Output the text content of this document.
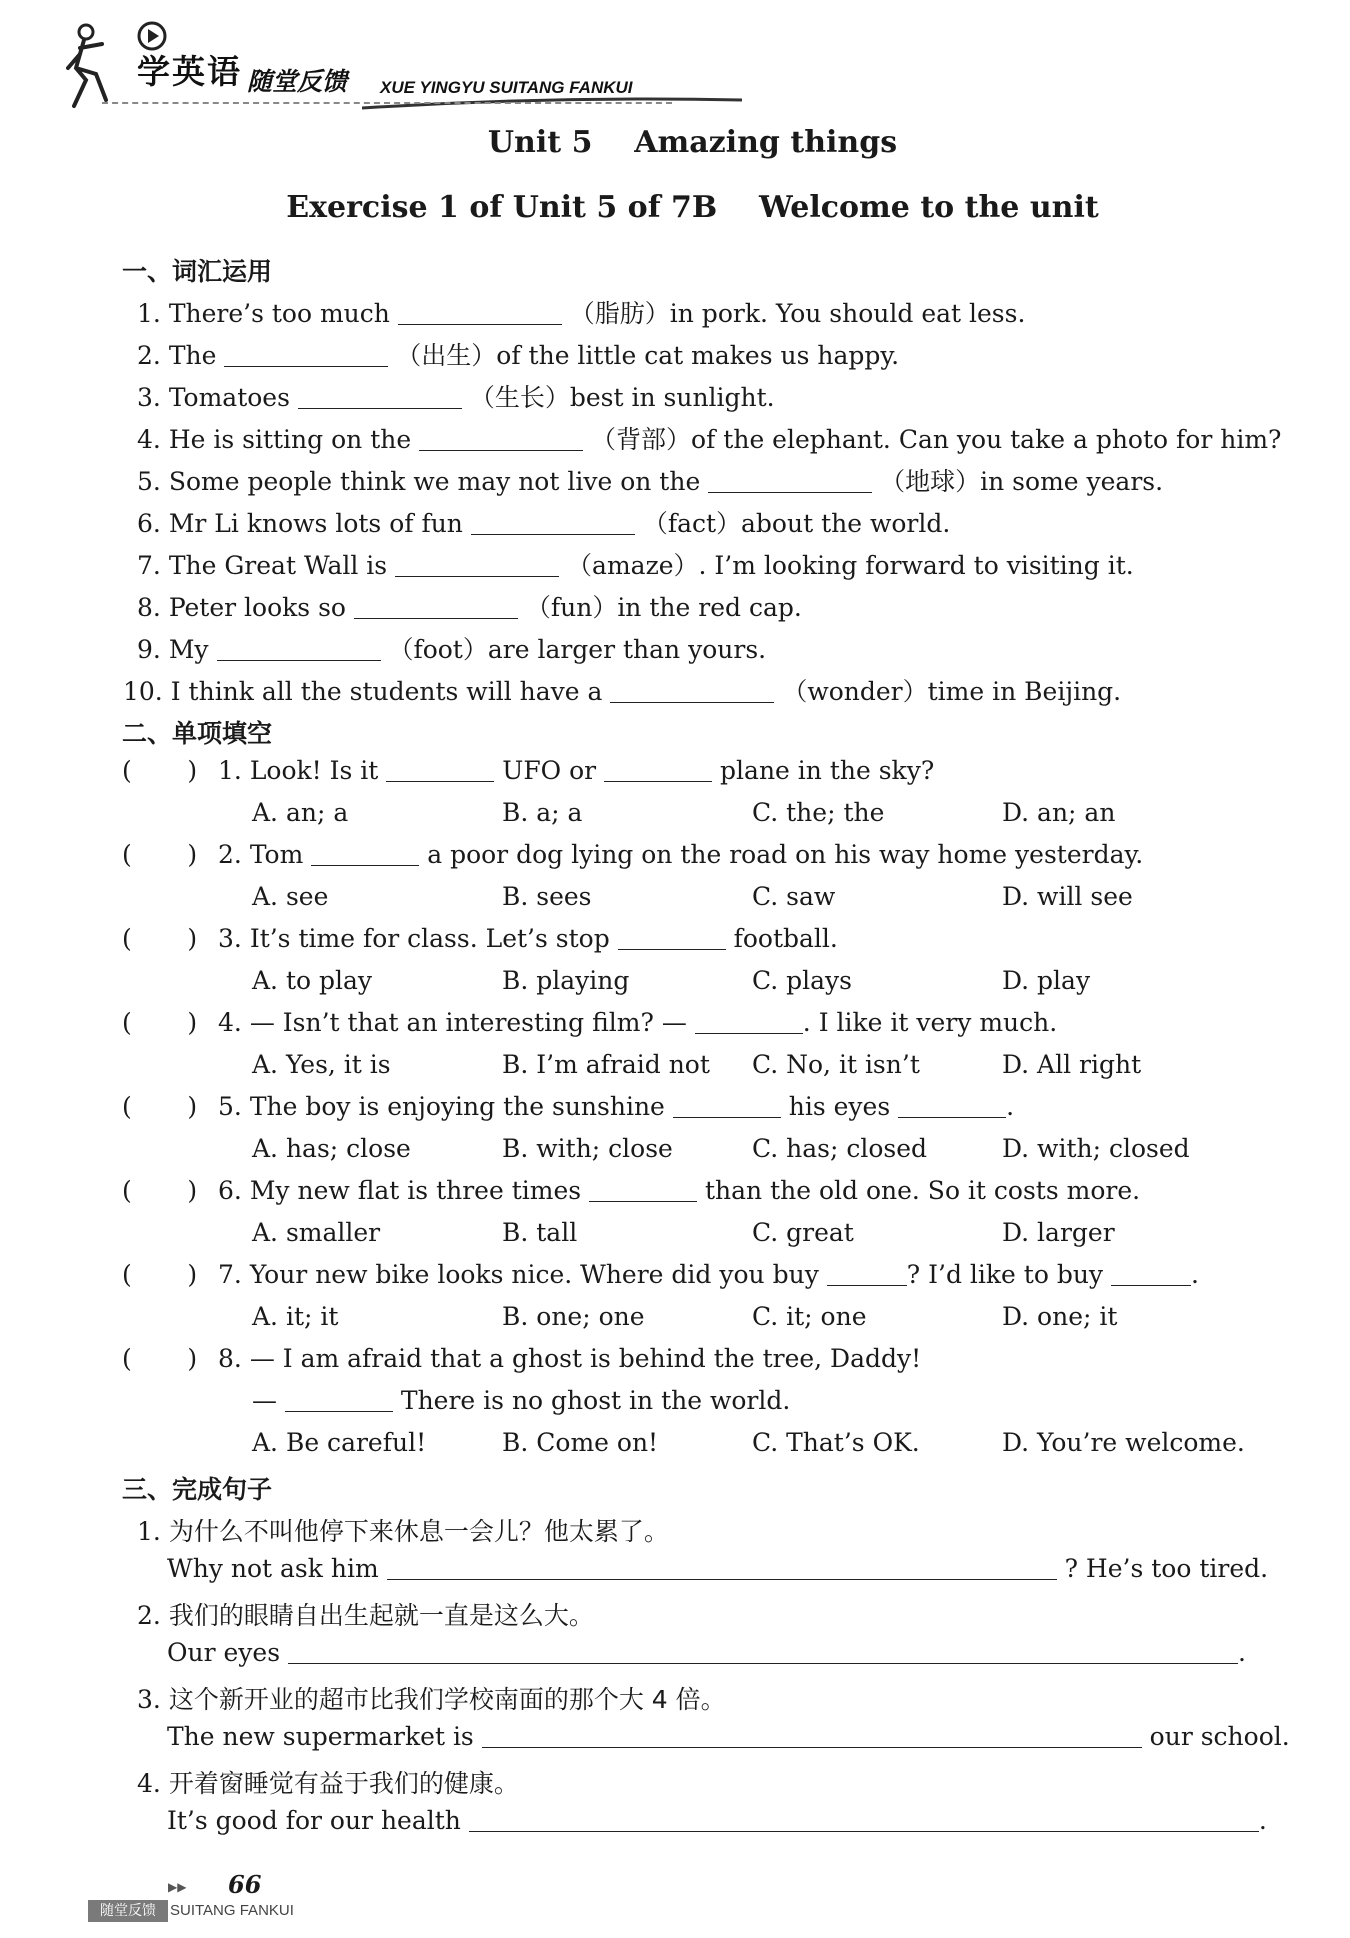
学英语 随堂反馈 XUE YINGYU SUITANG FANKUI
Unit 5    Amazing things
Exercise 1 of Unit 5 of 7B    Welcome to the unit
一、词汇运用
1. There’s too much	（脂肪）in pork. You should eat less.
2. The	（出生）of the little cat makes us happy.
3. Tomatoes	（生长）best in sunlight.
4. He is sitting on the	（背部）of the elephant. Can you take a photo for him?
5. Some people think we may not live on the	（地球）in some years.
6. Mr Li knows lots of fun	（fact）about the world.
7. The Great Wall is	（amaze）. I’m looking forward to visiting it.
8. Peter looks so	（fun）in the red cap.
9. My	（foot）are larger than yours.
10. I think all the students will have a	（wonder）time in Beijing.
二、单项填空
(       ) 1. Look! Is it	UFO or	plane in the sky?
A. an; a	B. a; a	C. the; the	D. an; an
(       ) 2. Tom	a poor dog lying on the road on his way home yesterday.
A. see	B. sees	C. saw	D. will see
(       ) 3. It’s time for class. Let’s stop	football.
A. to play	B. playing	C. plays	D. play
(       ) 4. — Isn’t that an interesting film? —	. I like it very much.
A. Yes, it is	B. I’m afraid not C. No, it isn’t	D. All right
(       ) 5. The boy is enjoying the sunshine	his eyes	.
A. has; close	B. with; close	C. has; closed	D. with; closed
(       ) 6. My new flat is three times	than the old one. So it costs more.
A. smaller	B. tall	C. great	D. larger
(       ) 7. Your new bike looks nice. Where did you buy	? I’d like to buy	.
A. it; it	B. one; one	C. it; one	D. one; it
(       ) 8. — I am afraid that a ghost is behind the tree, Daddy!
—	There is no ghost in the world.
A. Be careful!	B. Come on!	C. That’s OK.	D. You’re welcome.
三、完成句子
1. 为什么不叫他停下来休息一会儿？他太累了。
Why not ask him	? He’s too tired.
2. 我们的眼睛自出生起就一直是这么大。
Our eyes	.
3. 这个新开业的超市比我们学校南面的那个大 4 倍。
The new supermarket is	our school.
4. 开着窗睡觉有益于我们的健康。
It’s good for our health	.
▶▶ 66
随堂反馈 SUITANG FANKUI
